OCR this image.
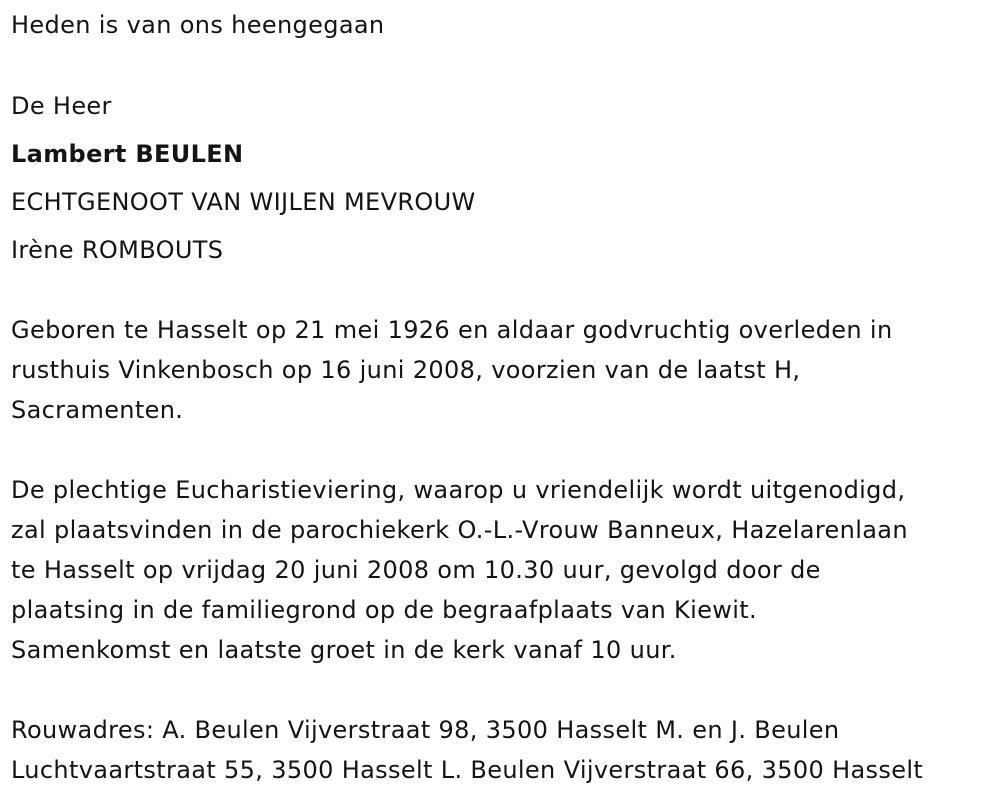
Heden is van ons heengegaan
De Heer
Lambert BEULEN
ECHTGENOOT VAN WIJLEN MEVROUW
Irène ROMBOUTS
Geboren te Hasselt op 21 mei 1926 en aldaar godvruchtig overleden in
rusthuis Vinkenbosch op 16 juni 2008, voorzien van de laatst H,
Sacramenten.
De plechtige Eucharistieviering, waarop u vriendelijk wordt uitgenodigd,
zal plaatsvinden in de parochiekerk O.-L.-Vrouw Banneux, Hazelarenlaan
te Hasselt op vrijdag 20 juni 2008 om 10.30 uur, gevolgd door de
plaatsing in de familiegrond op de begraafplaats van Kiewit.
Samenkomst en laatste groet in de kerk vanaf 10 uur.
Rouwadres: A. Beulen Vijverstraat 98, 3500 Hasselt M. en J. Beulen
Luchtvaartstraat 55, 3500 Hasselt L. Beulen Vijverstraat 66, 3500 Hasselt
